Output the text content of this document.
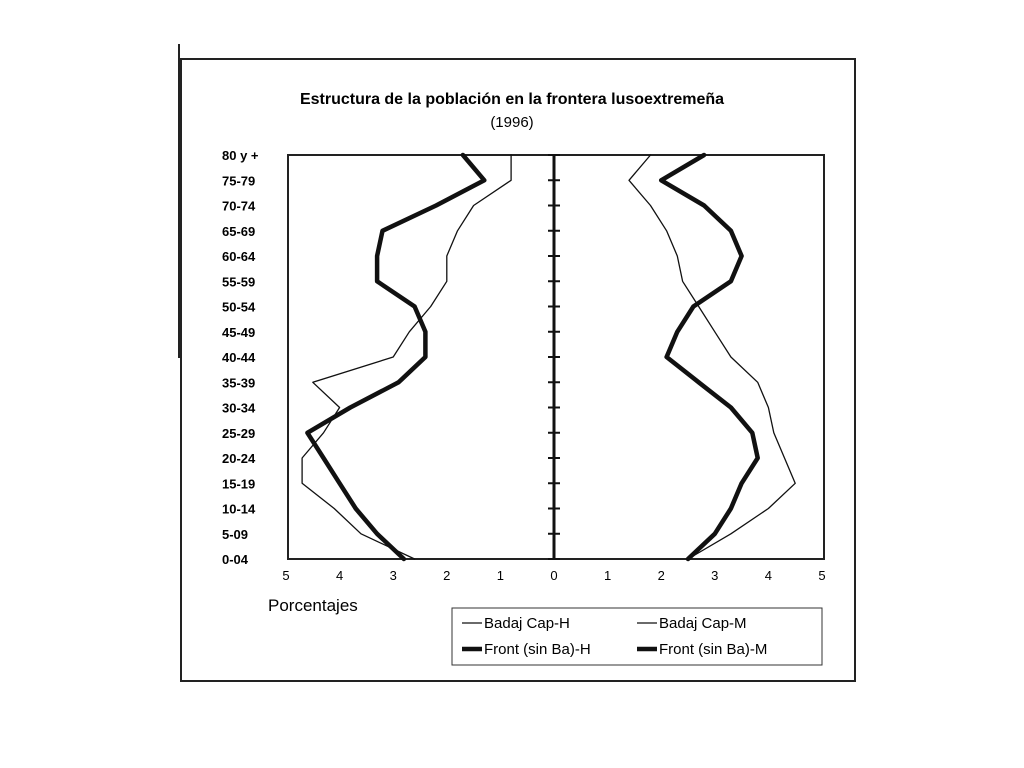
Estructura de la población en la frontera lusoextremeña
(1996)
0-04
5-09
10-14
15-19
20-24
25-29
30-34
35-39
40-44
45-49
50-54
55-59
60-64
65-69
70-74
75-79
80 y +
5	4	3	2	1	0	1	2	3	4	5
Porcentajes
Badaj Cap-H	Badaj Cap-M
Front (sin Ba)-H	Front (sin Ba)-M
